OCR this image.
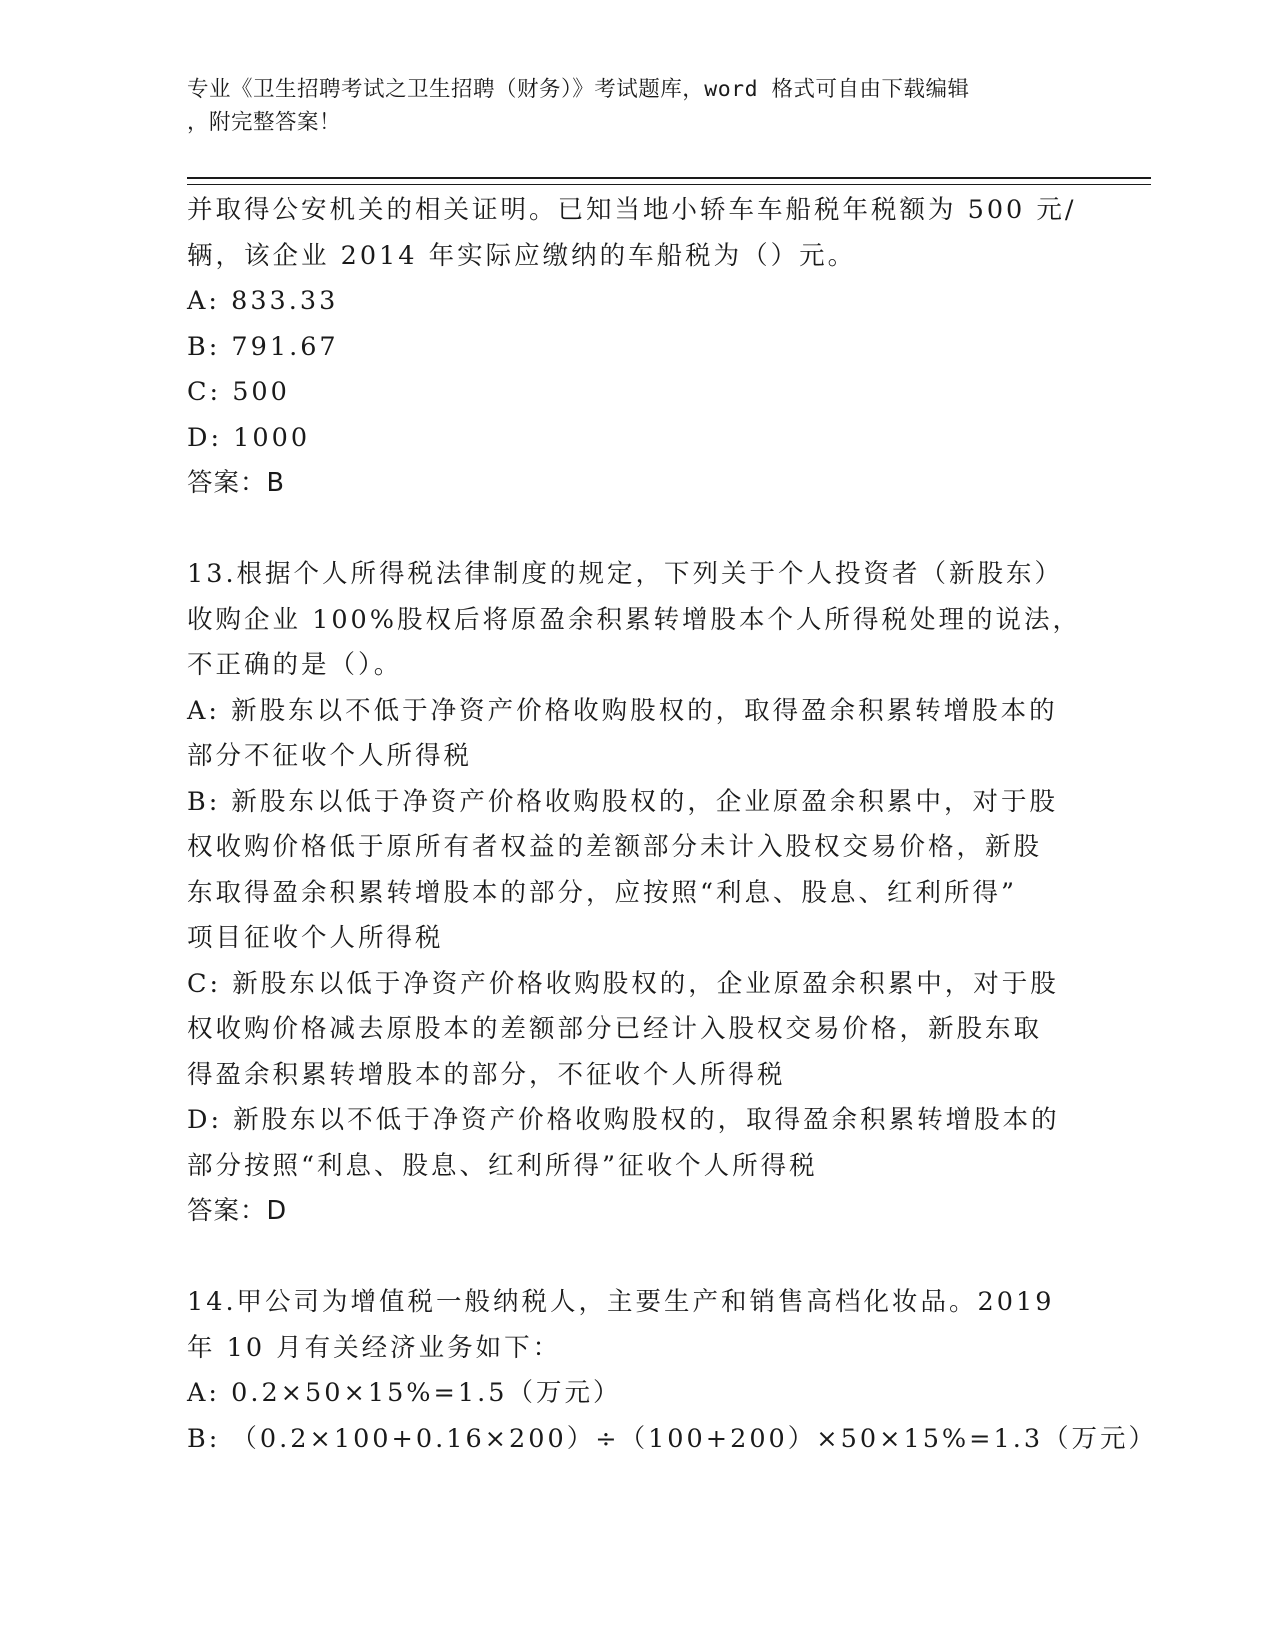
专业《卫生招聘考试之卫生招聘（财务）》考试题库，word 格式可自由下载编辑
，附完整答案！
并取得公安机关的相关证明。已知当地小轿车车船税年税额为 500 元/
辆，该企业 2014 年实际应缴纳的车船税为（）元。
A: 833.33
B: 791.67
C: 500
D: 1000
答案：B
13.根据个人所得税法律制度的规定，下列关于个人投资者（新股东）
收购企业 100%股权后将原盈余积累转增股本个人所得税处理的说法，
不正确的是（）。
A: 新股东以不低于净资产价格收购股权的，取得盈余积累转增股本的
部分不征收个人所得税
B: 新股东以低于净资产价格收购股权的，企业原盈余积累中，对于股
权收购价格低于原所有者权益的差额部分未计入股权交易价格，新股
东取得盈余积累转增股本的部分，应按照“利息、股息、红利所得”
项目征收个人所得税
C: 新股东以低于净资产价格收购股权的，企业原盈余积累中，对于股
权收购价格减去原股本的差额部分已经计入股权交易价格，新股东取
得盈余积累转增股本的部分，不征收个人所得税
D: 新股东以不低于净资产价格收购股权的，取得盈余积累转增股本的
部分按照“利息、股息、红利所得”征收个人所得税
答案：D
14.甲公司为增值税一般纳税人，主要生产和销售高档化妆品。2019
年 10 月有关经济业务如下：
A: 0.2×50×15%=1.5（万元）
B: （0.2×100+0.16×200）÷（100+200）×50×15%=1.3（万元）
